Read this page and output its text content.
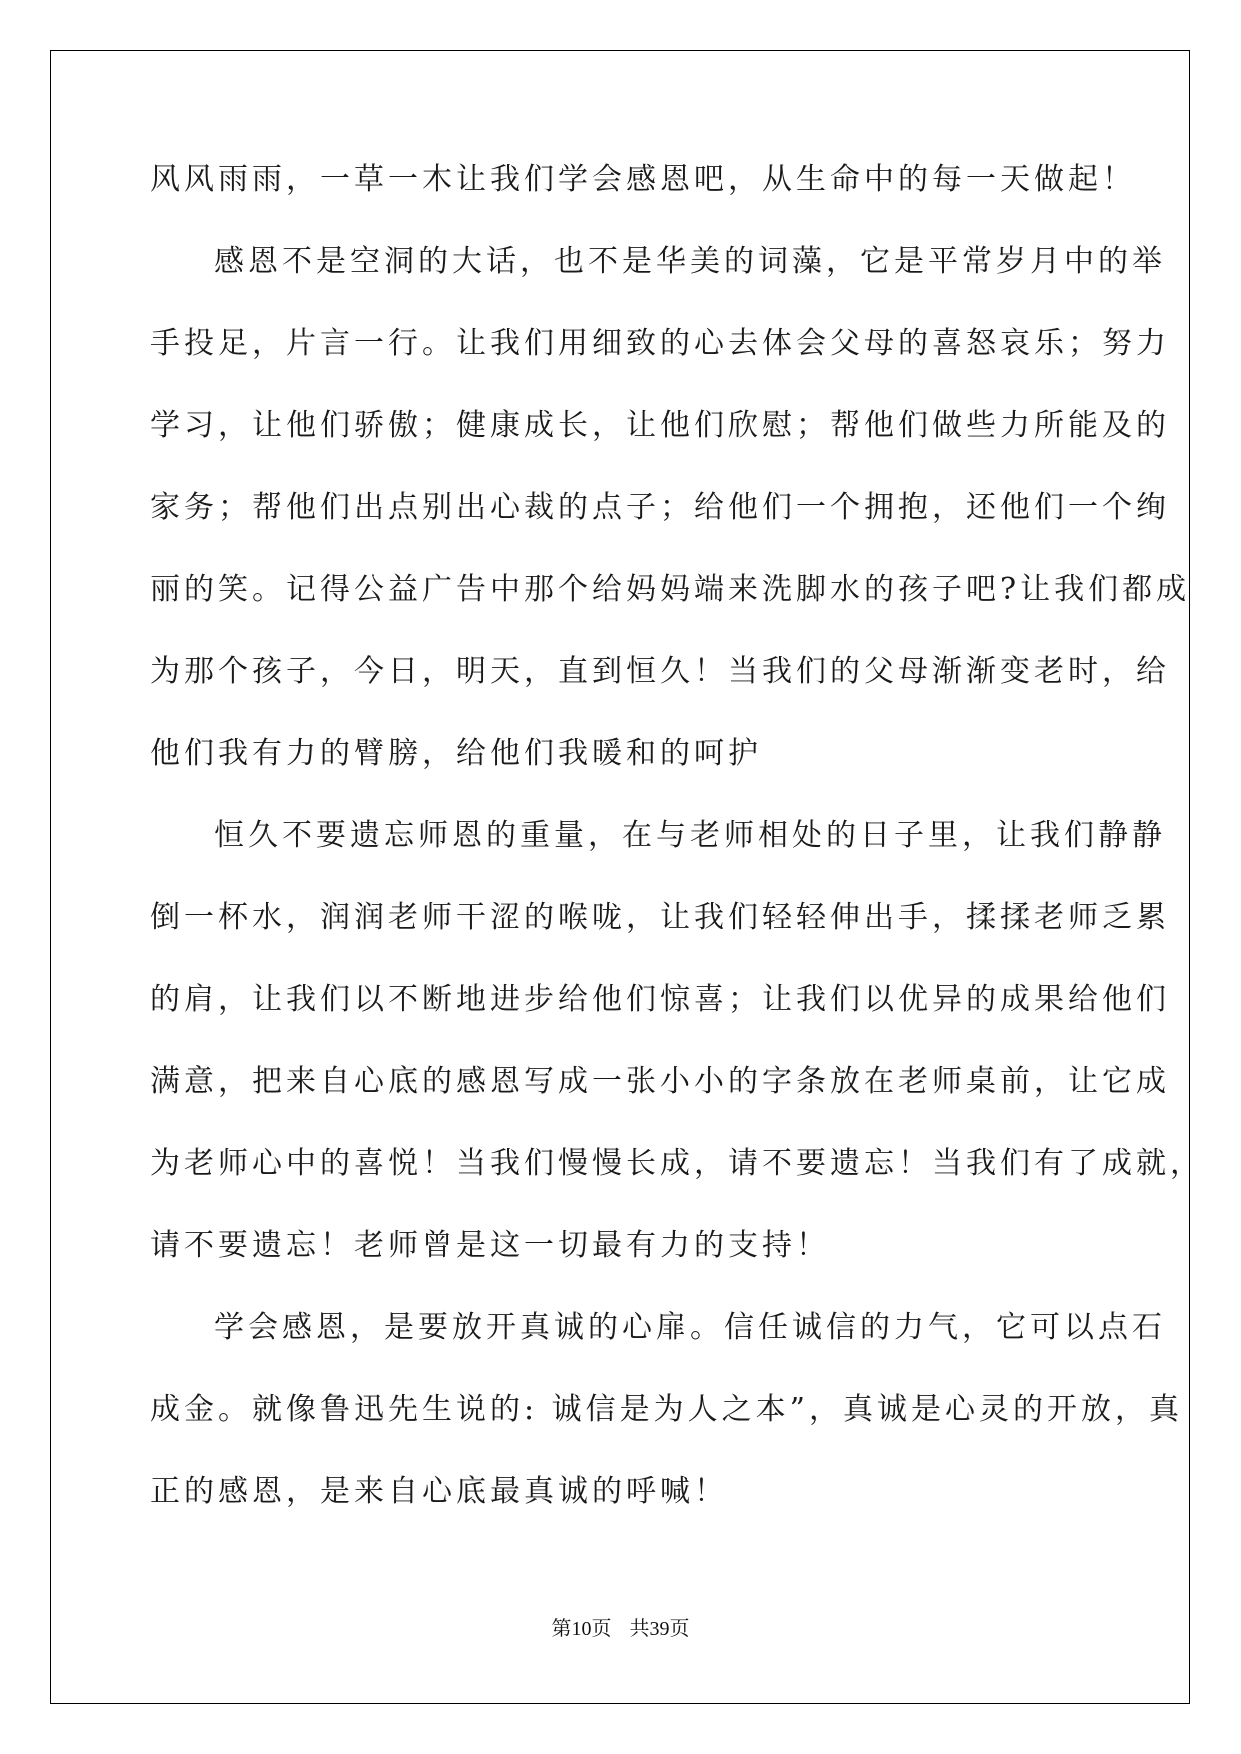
风风雨雨，一草一木让我们学会感恩吧，从生命中的每一天做起！
感恩不是空洞的大话，也不是华美的词藻，它是平常岁月中的举
手投足，片言一行。让我们用细致的心去体会父母的喜怒哀乐；努力
学习，让他们骄傲；健康成长，让他们欣慰；帮他们做些力所能及的
家务；帮他们出点别出心裁的点子；给他们一个拥抱，还他们一个绚
丽的笑。记得公益广告中那个给妈妈端来洗脚水的孩子吧?让我们都成
为那个孩子，今日，明天，直到恒久！当我们的父母渐渐变老时，给
他们我有力的臂膀，给他们我暖和的呵护
恒久不要遗忘师恩的重量，在与老师相处的日子里，让我们静静
倒一杯水，润润老师干涩的喉咙，让我们轻轻伸出手，揉揉老师乏累
的肩，让我们以不断地进步给他们惊喜；让我们以优异的成果给他们
满意，把来自心底的感恩写成一张小小的字条放在老师桌前，让它成
为老师心中的喜悦！当我们慢慢长成，请不要遗忘！当我们有了成就，
请不要遗忘！老师曾是这一切最有力的支持！
学会感恩，是要放开真诚的心扉。信任诚信的力气，它可以点石
成金。就像鲁迅先生说的: 诚信是为人之本”，真诚是心灵的开放，真
正的感恩，是来自心底最真诚的呼喊！
第10页 共39页
